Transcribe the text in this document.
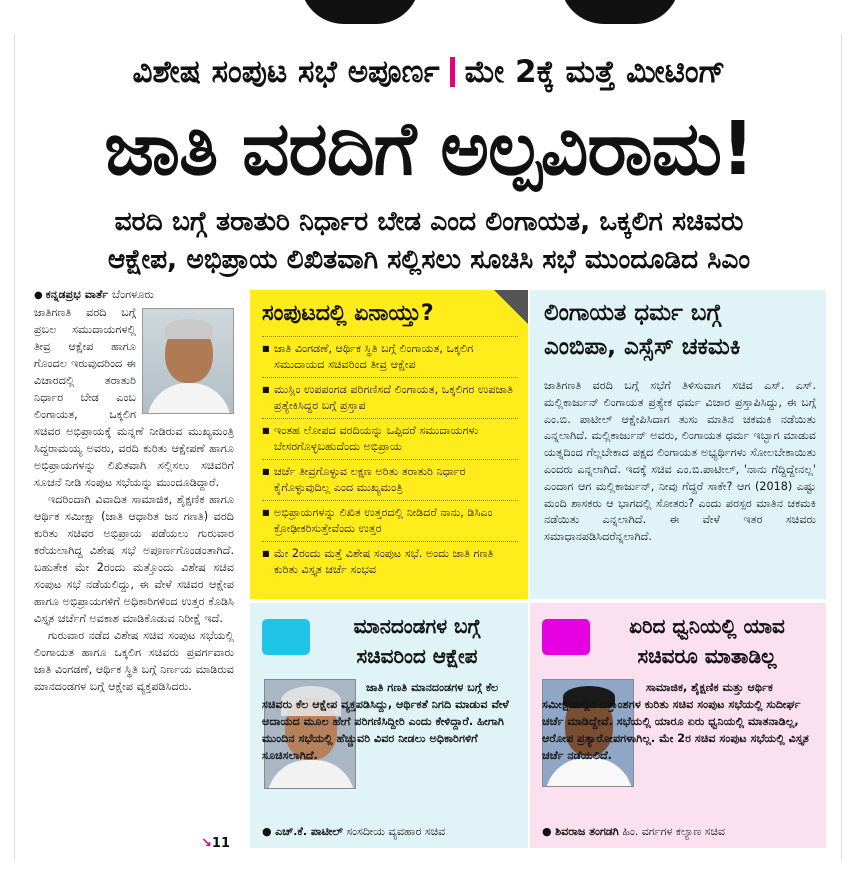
ವಿಶೇಷ ಸಂಪುಟ ಸಭೆ ಅಪೂರ್ಣ ಮೇ 2ಕ್ಕೆ ಮತ್ತೆ ಮೀಟಿಂಗ್
ಜಾತಿ ವರದಿಗೆ ಅಲ್ಪವಿರಾಮ!
ವರದಿ ಬಗ್ಗೆ ತರಾತುರಿ ನಿರ್ಧಾರ ಬೇಡ ಎಂದ ಲಿಂಗಾಯತ, ಒಕ್ಕಲಿಗ ಸಚಿವರು
ಆಕ್ಷೇಪ, ಅಭಿಪ್ರಾಯ ಲಿಖಿತವಾಗಿ ಸಲ್ಲಿಸಲು ಸೂಚಿಸಿ ಸಭೆ ಮುಂದೂಡಿದ ಸಿಎಂ

● ಕನ್ನಡಪ್ರಭ ವಾರ್ತೆ ಬೆಂಗಳೂರು

ಜಾತಿಗಣತಿ ವರದಿ ಬಗ್ಗೆ ಪ್ರಬಲ ಸಮುದಾಯಗಳಲ್ಲಿ ತೀವ್ರ ಆಕ್ಷೇಪ ಹಾಗೂ ಗೊಂದಲ ಇರುವುದರಿಂದ ಈ ವಿಚಾರದಲ್ಲಿ ತರಾತುರಿ ನಿರ್ಧಾರ ಬೇಡ ಎಂಬ ಲಿಂಗಾಯತ, ಒಕ್ಕಲಿಗ ಸಚಿವರ ಅಭಿಪ್ರಾಯಕ್ಕೆ ಮನ್ನಣೆ ನೀಡಿರುವ ಮುಖ್ಯಮಂತ್ರಿ ಸಿದ್ದರಾಮಯ್ಯ ಅವರು, ವರದಿ ಕುರಿತು ಆಕ್ಷೇಪಣೆ ಹಾಗೂ ಅಭಿಪ್ರಾಯಗಳನ್ನು ಲಿಖಿತವಾಗಿ ಸಲ್ಲಿಸಲು ಸಚಿವರಿಗೆ ಸೂಚನೆ ನೀಡಿ ಸಂಪುಟ ಸಭೆಯನ್ನು ಮುಂದೂಡಿದ್ದಾರೆ.

ಇದರಿಂದಾಗಿ ವಿವಾದಿತ ಸಾಮಾಜಿಕ, ಶೈಕ್ಷಣಿಕ ಹಾಗೂ ಆರ್ಥಿಕ ಸಮೀಕ್ಷಾ (ಜಾತಿ ಆಧಾರಿತ ಜನ ಗಣತಿ) ವರದಿ ಕುರಿತು ಸಚಿವರ ಅಭಿಪ್ರಾಯ ಪಡೆಯಲು ಗುರುವಾರ ಕರೆಯಲಾಗಿದ್ದ ವಿಶೇಷ ಸಭೆ ಅಪೂರ್ಣಗೊಂಡಂತಾಗಿದೆ. ಬಹುತೇಕ ಮೇ 2ರಂದು ಮತ್ತೊಂದು ವಿಶೇಷ ಸಚಿವ ಸಂಪುಟ ಸಭೆ ನಡೆಯಲಿದ್ದು, ಈ ವೇಳೆ ಸಚಿವರ ಆಕ್ಷೇಪ ಹಾಗೂ ಅಭಿಪ್ರಾಯಗಳಿಗೆ ಅಧಿಕಾರಿಗಳಿಂದ ಉತ್ತರ ಕೊಡಿಸಿ ವಿಸ್ತೃತ ಚರ್ಚೆಗೆ ಅವಕಾಶ ಮಾಡಿಕೊಡುವ ನಿರೀಕ್ಷೆ ಇದೆ.

ಗುರುವಾರ ನಡೆದ ವಿಶೇಷ ಸಚಿವ ಸಂಪುಟ ಸಭೆಯಲ್ಲಿ ಲಿಂಗಾಯತ ಹಾಗೂ ಒಕ್ಕಲಿಗ ಸಚಿವರು ಪ್ರವರ್ಗವಾರು ಜಾತಿ ವಿಂಗಡಣೆ, ಆರ್ಥಿಕ ಸ್ಥಿತಿ ಬಗ್ಗೆ ನಿರ್ಣಯ ಮಾಡಿರುವ ಮಾನದಂಡಗಳ ಬಗ್ಗೆ ಆಕ್ಷೇಪ ವ್ಯಕ್ತಪಡಿಸಿದರು.

↘11
ಸಂಪುಟದಲ್ಲಿ ಏನಾಯ್ತು?
■ ಜಾತಿ ವಿಂಗಡಣೆ, ಆರ್ಥಿಕ ಸ್ಥಿತಿ ಬಗ್ಗೆ ಲಿಂಗಾಯತ, ಒಕ್ಕಲಿಗ ಸಮುದಾಯದ ಸಚಿವರಿಂದ ತೀವ್ರ ಆಕ್ಷೇಪ
■ ಮುಸ್ಲಿಂ ಉಪಪಂಗಡ ಪರಿಗಣಿಸದೆ ಲಿಂಗಾಯತ, ಒಕ್ಕಲಿಗರ ಉಪಜಾತಿ ಪ್ರತ್ಯೇಕಿಸಿದ್ದರ ಬಗ್ಗೆ ಪ್ರಸ್ತಾಪ
■ ಇಂತಹ ಲೋಪದ ವರದಿಯನ್ನು ಒಪ್ಪಿದರೆ ಸಮುದಾಯಗಳು ಬೇಸರಗೊಳ್ಳಬಹುದೆಂದು ಅಭಿಪ್ರಾಯ
■ ಚರ್ಚೆ ತೀವ್ರಗೊಳ್ಳುವ ಲಕ್ಷಣ ಅರಿತು ತರಾತುರಿ ನಿರ್ಧಾರ ಕೈಗೊಳ್ಳುವುದಿಲ್ಲ ಎಂದ ಮುಖ್ಯಮಂತ್ರಿ
■ ಅಭಿಪ್ರಾಯಗಳನ್ನು ಲಿಖಿತ ಉತ್ತರದಲ್ಲಿ ನೀಡಿದರೆ ನಾನು, ಡಿಸಿಎಂ ಕ್ರೋಢೀಕರಿಸುತ್ತೇವೆಂದು ಉತ್ತರ
■ ಮೇ 2ರಂದು ಮತ್ತೆ ವಿಶೇಷ ಸಂಪುಟ ಸಭೆ. ಅಂದು ಜಾತಿ ಗಣತಿ ಕುರಿತು ವಿಸ್ತೃತ ಚರ್ಚೆ ಸಂಭವ
ಲಿಂಗಾಯತ ಧರ್ಮ ಬಗ್ಗೆ
ಎಂಬಿಪಾ, ಎಸ್ಸೆಸ್ ಚಕಮಕಿ

ಜಾತಿಗಣತಿ ವರದಿ ಬಗ್ಗೆ ಸಭೆಗೆ ತಿಳಿಸುವಾಗ ಸಚಿವ ಎಸ್. ಎಸ್. ಮಲ್ಲಿಕಾರ್ಜುನ್ ಲಿಂಗಾಯತ ಪ್ರತ್ಯೇಕ ಧರ್ಮ ವಿಚಾರ ಪ್ರಸ್ತಾಪಿಸಿದ್ದು, ಈ ಬಗ್ಗೆ ಎಂ.ಬಿ. ಪಾಟೀಲ್ ಆಕ್ಷೇಪಿಸಿದಾಗ ತುಸು ಮಾತಿನ ಚಕಮಕಿ ನಡೆಯಿತು ಎನ್ನಲಾಗಿದೆ. ಮಲ್ಲಿಕಾರ್ಜುನ್ ಅವರು, ಲಿಂಗಾಯತ ಧರ್ಮ ಇಬ್ಭಾಗ ಮಾಡುವ ಯತ್ನದಿಂದ ಗೆಲ್ಲಬೇಕಾದ ಪಕ್ಷದ ಲಿಂಗಾಯತ ಅಭ್ಯರ್ಥಿಗಳು ಸೋಲಬೇಕಾಯಿತು ಎಂದರು ಎನ್ನಲಾಗಿದೆ. ಇದಕ್ಕೆ ಸಚಿವ ಎಂ.ಬಿ.ಪಾಟೀಲ್, 'ನಾನು ಗೆದ್ದಿದ್ದೇನಲ್ಲ' ಎಂದಾಗ ಆಗ ಮಲ್ಲಿಕಾರ್ಜುನ್, ನೀವು ಗೆದ್ದರೆ ಸಾಕೇ? ಆಗ (2018) ಎಷ್ಟು ಮಂದಿ ಶಾಸಕರು ಆ ಭಾಗದಲ್ಲಿ ಸೋತರು? ಎಂದು ಪರಸ್ಪರ ಮಾತಿನ ಚಕಮಕಿ ನಡೆಯಿತು ಎನ್ನಲಾಗಿದೆ. ಈ ವೇಳೆ ಇತರ ಸಚಿವರು ಸಮಾಧಾನಪಡಿಸಿದರೆನ್ನಲಾಗಿದೆ.

ಮಾನದಂಡಗಳ ಬಗ್ಗೆ
ಸಚಿವರಿಂದ ಆಕ್ಷೇಪ

ಜಾತಿ ಗಣತಿ ಮಾನದಂಡಗಳ ಬಗ್ಗೆ ಕೆಲ ಸಚಿವರು ಕೆಲ ಆಕ್ಷೇಪ ವ್ಯಕ್ತಪಡಿಸಿದ್ದು, ಆರ್ಥಿಕತೆ ನಿಗದಿ ಮಾಡುವ ವೇಳೆ ಆದಾಯದ ಮೂಲ ಹೇಗೆ ಪರಿಗಣಿಸಿದ್ದೀರಿ ಎಂದು ಕೇಳಿದ್ದಾರೆ. ಹೀಗಾಗಿ ಮುಂದಿನ ಸಭೆಯಲ್ಲಿ ಹೆಚ್ಚುವರಿ ವಿವರ ನೀಡಲು ಅಧಿಕಾರಿಗಳಿಗೆ ಸೂಚಿಸಲಾಗಿದೆ.

● ಎಚ್.ಕೆ. ಪಾಟೀಲ್ ಸಂಸದೀಯ ವ್ಯವಹಾರ ಸಚಿವ
ಏರಿದ ಧ್ವನಿಯಲ್ಲಿ ಯಾವ
ಸಚಿವರೂ ಮಾತಾಡಿಲ್ಲ

ಸಾಮಾಜಿಕ, ಶೈಕ್ಷಣಿಕ ಮತ್ತು ಆರ್ಥಿಕ ಸಮೀಕ್ಷೆಯಲ್ಲಿನ ದತ್ತಾಂಶಗಳ ಕುರಿತು ಸಚಿವ ಸಂಪುಟ ಸಭೆಯಲ್ಲಿ ಸುದೀರ್ಘ ಚರ್ಚೆ ಮಾಡಿದ್ದೇವೆ. ಸಭೆಯಲ್ಲಿ ಯಾರೂ ಏರು ಧ್ವನಿಯಲ್ಲಿ ಮಾತನಾಡಿಲ್ಲ, ಆರೋಪ ಪ್ರತ್ಯಾರೋಪಗಳಾಗಿಲ್ಲ. ಮೇ 2ರ ಸಚಿವ ಸಂಪುಟ ಸಭೆಯಲ್ಲಿ ವಿಸ್ತೃತ ಚರ್ಚೆ ನಡೆಯಲಿದೆ.

● ಶಿವರಾಜ ತಂಗಡಗಿ ಹಿಂ. ವರ್ಗಗಳ ಕಲ್ಯಾಣ ಸಚಿವ
